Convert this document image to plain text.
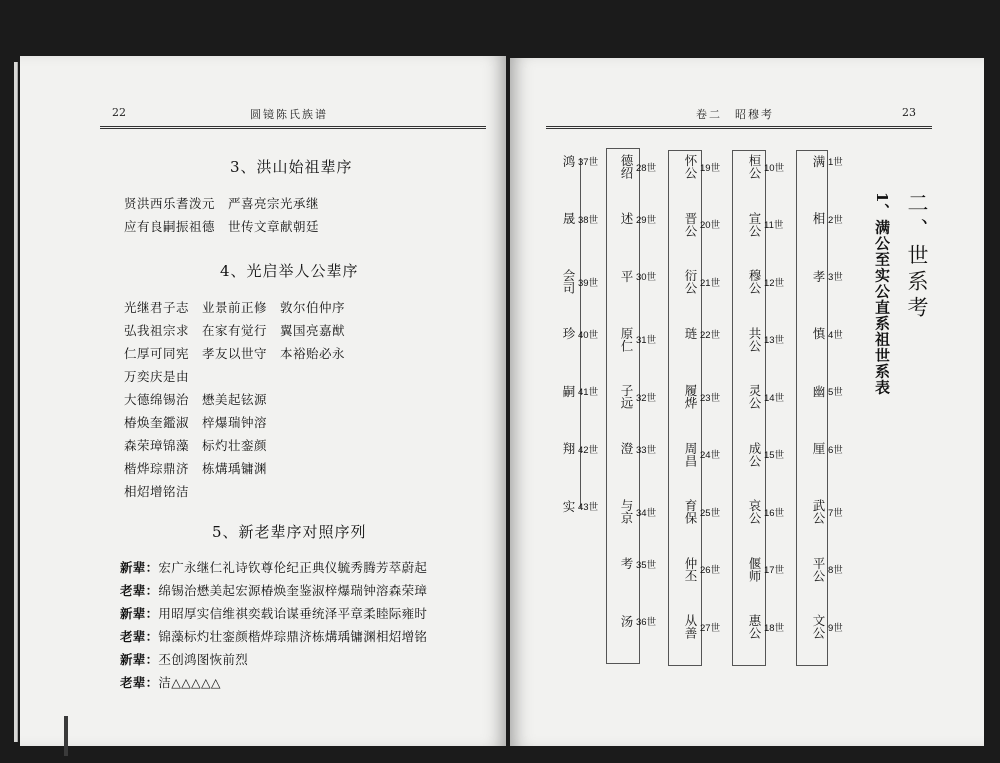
22	圆镜陈氏族谱
3、洪山始祖辈序
贤洪西乐耆泼元　严喜亮宗光承继
应有良嗣振祖德　世传文章献朝廷
4、光启举人公辈序
光继君子志　业景前正修　敦尔伯仲序
弘我祖宗求　在家有觉行　翼国亮嘉猷
仁厚可同宪　孝友以世守　本裕贻必永
万奕庆是由
大德绵锡治　懋美起铉源
椿焕奎鑑淑　梓爆瑞钟溶
森荣璋锦藻　标灼壮銮颜
楷烨琮鼎济　栋煹瑀镛渊
相炤增铭洁
5、新老辈序对照序列
新辈：宏广永继仁礼诗钦尊伦纪正典仪毓秀腾芳萃蔚起
老辈：绵锡治懋美起宏源椿焕奎鉴淑梓爆瑞钟溶森荣璋
新辈：用昭厚实信维祺奕载诒谋垂统泽平章柔睦际雍时
老辈：锦藻标灼壮銮颜楷烨琮鼎济栋煹瑀镛渊相炤增铭
新辈：丕创鸿图恢前烈
老辈：洁△△△△△
卷二　昭穆考	23
二、世系考
1、满公至实公直系祖世系表
满 1世
相 2世
孝 3世
慎 4世
幽 5世
厘 6世
武公 7世
平公 8世
文公 9世
桓公 10世
宣公 11世
穆公 12世
共公 13世
灵公 14世
成公 15世
哀公 16世
偃师 17世
惠公 18世
怀公 19世
晋公 20世
衍公 21世
琏 22世
履烨 23世
周昌 24世
育保 25世
仲丕 26世
从善 27世
德绍 28世
述 29世
平 30世
原仁 31世
子远 32世
澄 33世
与京 34世
考 35世
汤 36世
鸿 37世
晟 38世
会司 39世
珍 40世
嗣 41世
翔 42世
实 43世
